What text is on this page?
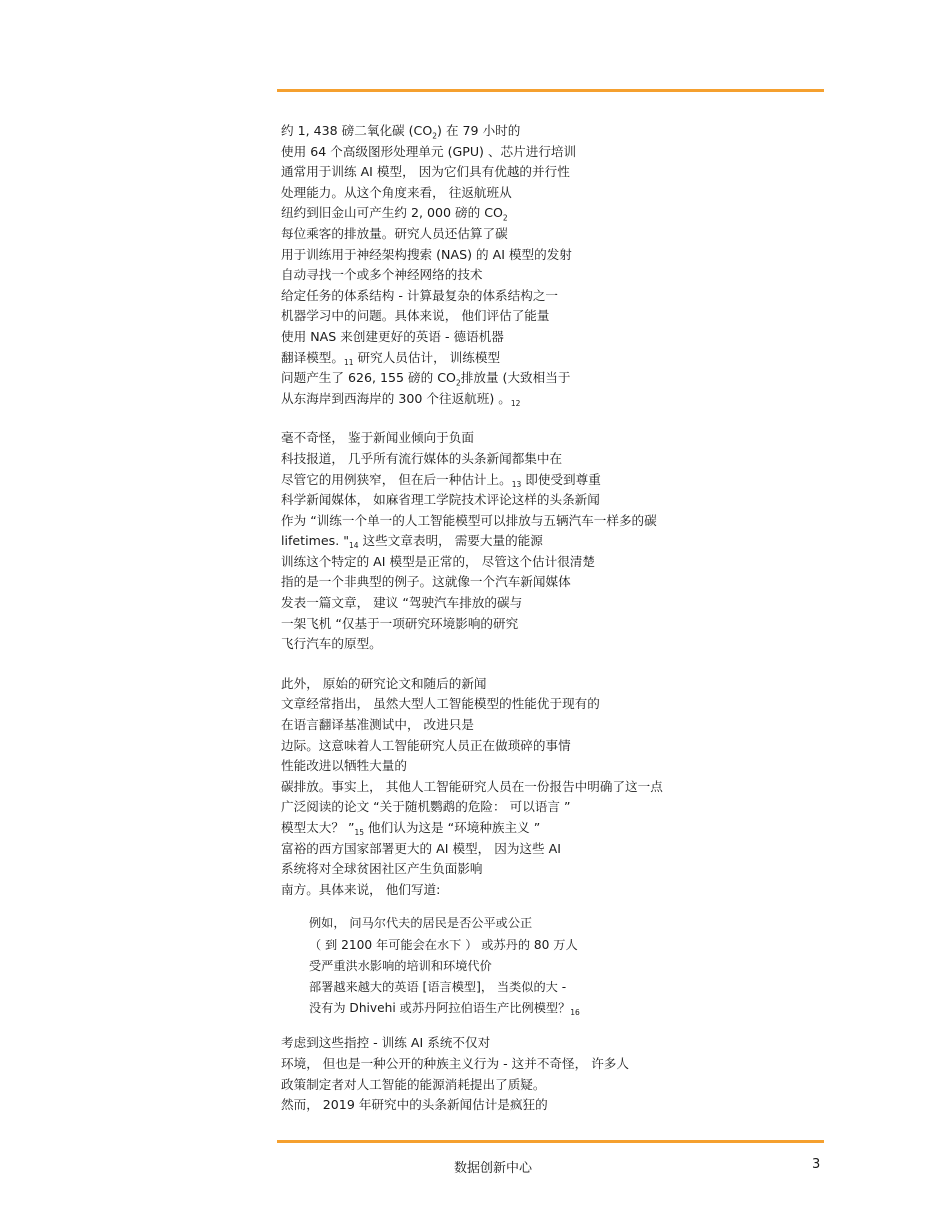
约 1, 438 磅二氧化碳 $(CO_2)$ 在 79 小时的
使用 64 个高级图形处理单元 (GPU) 、芯片进行培训
通常用于训练 AI 模型， 因为它们具有优越的并行性
处理能力。从这个角度来看， 往返航班从
纽约到旧金山可产生约 2, 000 磅的 $CO_2$
每位乘客的排放量。研究人员还估算了碳
用于训练用于神经架构搜索 (NAS) 的 AI 模型的发射
自动寻找一个或多个神经网络的技术
给定任务的体系结构 - 计算最复杂的体系结构之一
机器学习中的问题。具体来说， 他们评估了能量
使用 NAS 来创建更好的英语 - 德语机器
翻译模型。$_{11}$ 研究人员估计， 训练模型
问题产生了 626, 155 磅的 $CO_2$排放量 (大致相当于
从东海岸到西海岸的 300 个往返航班) 。$_{12}$
毫不奇怪， 鉴于新闻业倾向于负面
科技报道， 几乎所有流行媒体的头条新闻都集中在
尽管它的用例狭窄， 但在后一种估计上。$_{13}$ 即使受到尊重
科学新闻媒体， 如麻省理工学院技术评论这样的头条新闻
作为 “训练一个单一的人工智能模型可以排放与五辆汽车一样多的碳
lifetimes. "$_{14}$ 这些文章表明， 需要大量的能源
训练这个特定的 AI 模型是正常的， 尽管这个估计很清楚
指的是一个非典型的例子。这就像一个汽车新闻媒体
发表一篇文章， 建议 “驾驶汽车排放的碳与
一架飞机 “仅基于一项研究环境影响的研究
飞行汽车的原型。
此外， 原始的研究论文和随后的新闻
文章经常指出， 虽然大型人工智能模型的性能优于现有的
在语言翻译基准测试中， 改进只是
边际。这意味着人工智能研究人员正在做琐碎的事情
性能改进以牺牲大量的
碳排放。事实上， 其他人工智能研究人员在一份报告中明确了这一点
广泛阅读的论文 “关于随机鹦鹉的危险： 可以语言 ”
模型太大？ $”_{15}$ 他们认为这是 “环境种族主义 ”
富裕的西方国家部署更大的 AI 模型， 因为这些 AI
系统将对全球贫困社区产生负面影响
南方。具体来说， 他们写道:
例如， 问马尔代夫的居民是否公平或公正
（ 到 2100 年可能会在水下 ） 或苏丹的 80 万人
受严重洪水影响的培训和环境代价
部署越来越大的英语 [语言模型]， 当类似的大 -
没有为 Dhivehi 或苏丹阿拉伯语生产比例模型？$_{16}$
考虑到这些指控 - 训练 AI 系统不仅对
环境， 但也是一种公开的种族主义行为 - 这并不奇怪， 许多人
政策制定者对人工智能的能源消耗提出了质疑。
然而， 2019 年研究中的头条新闻估计是疯狂的
数据创新中心	3
